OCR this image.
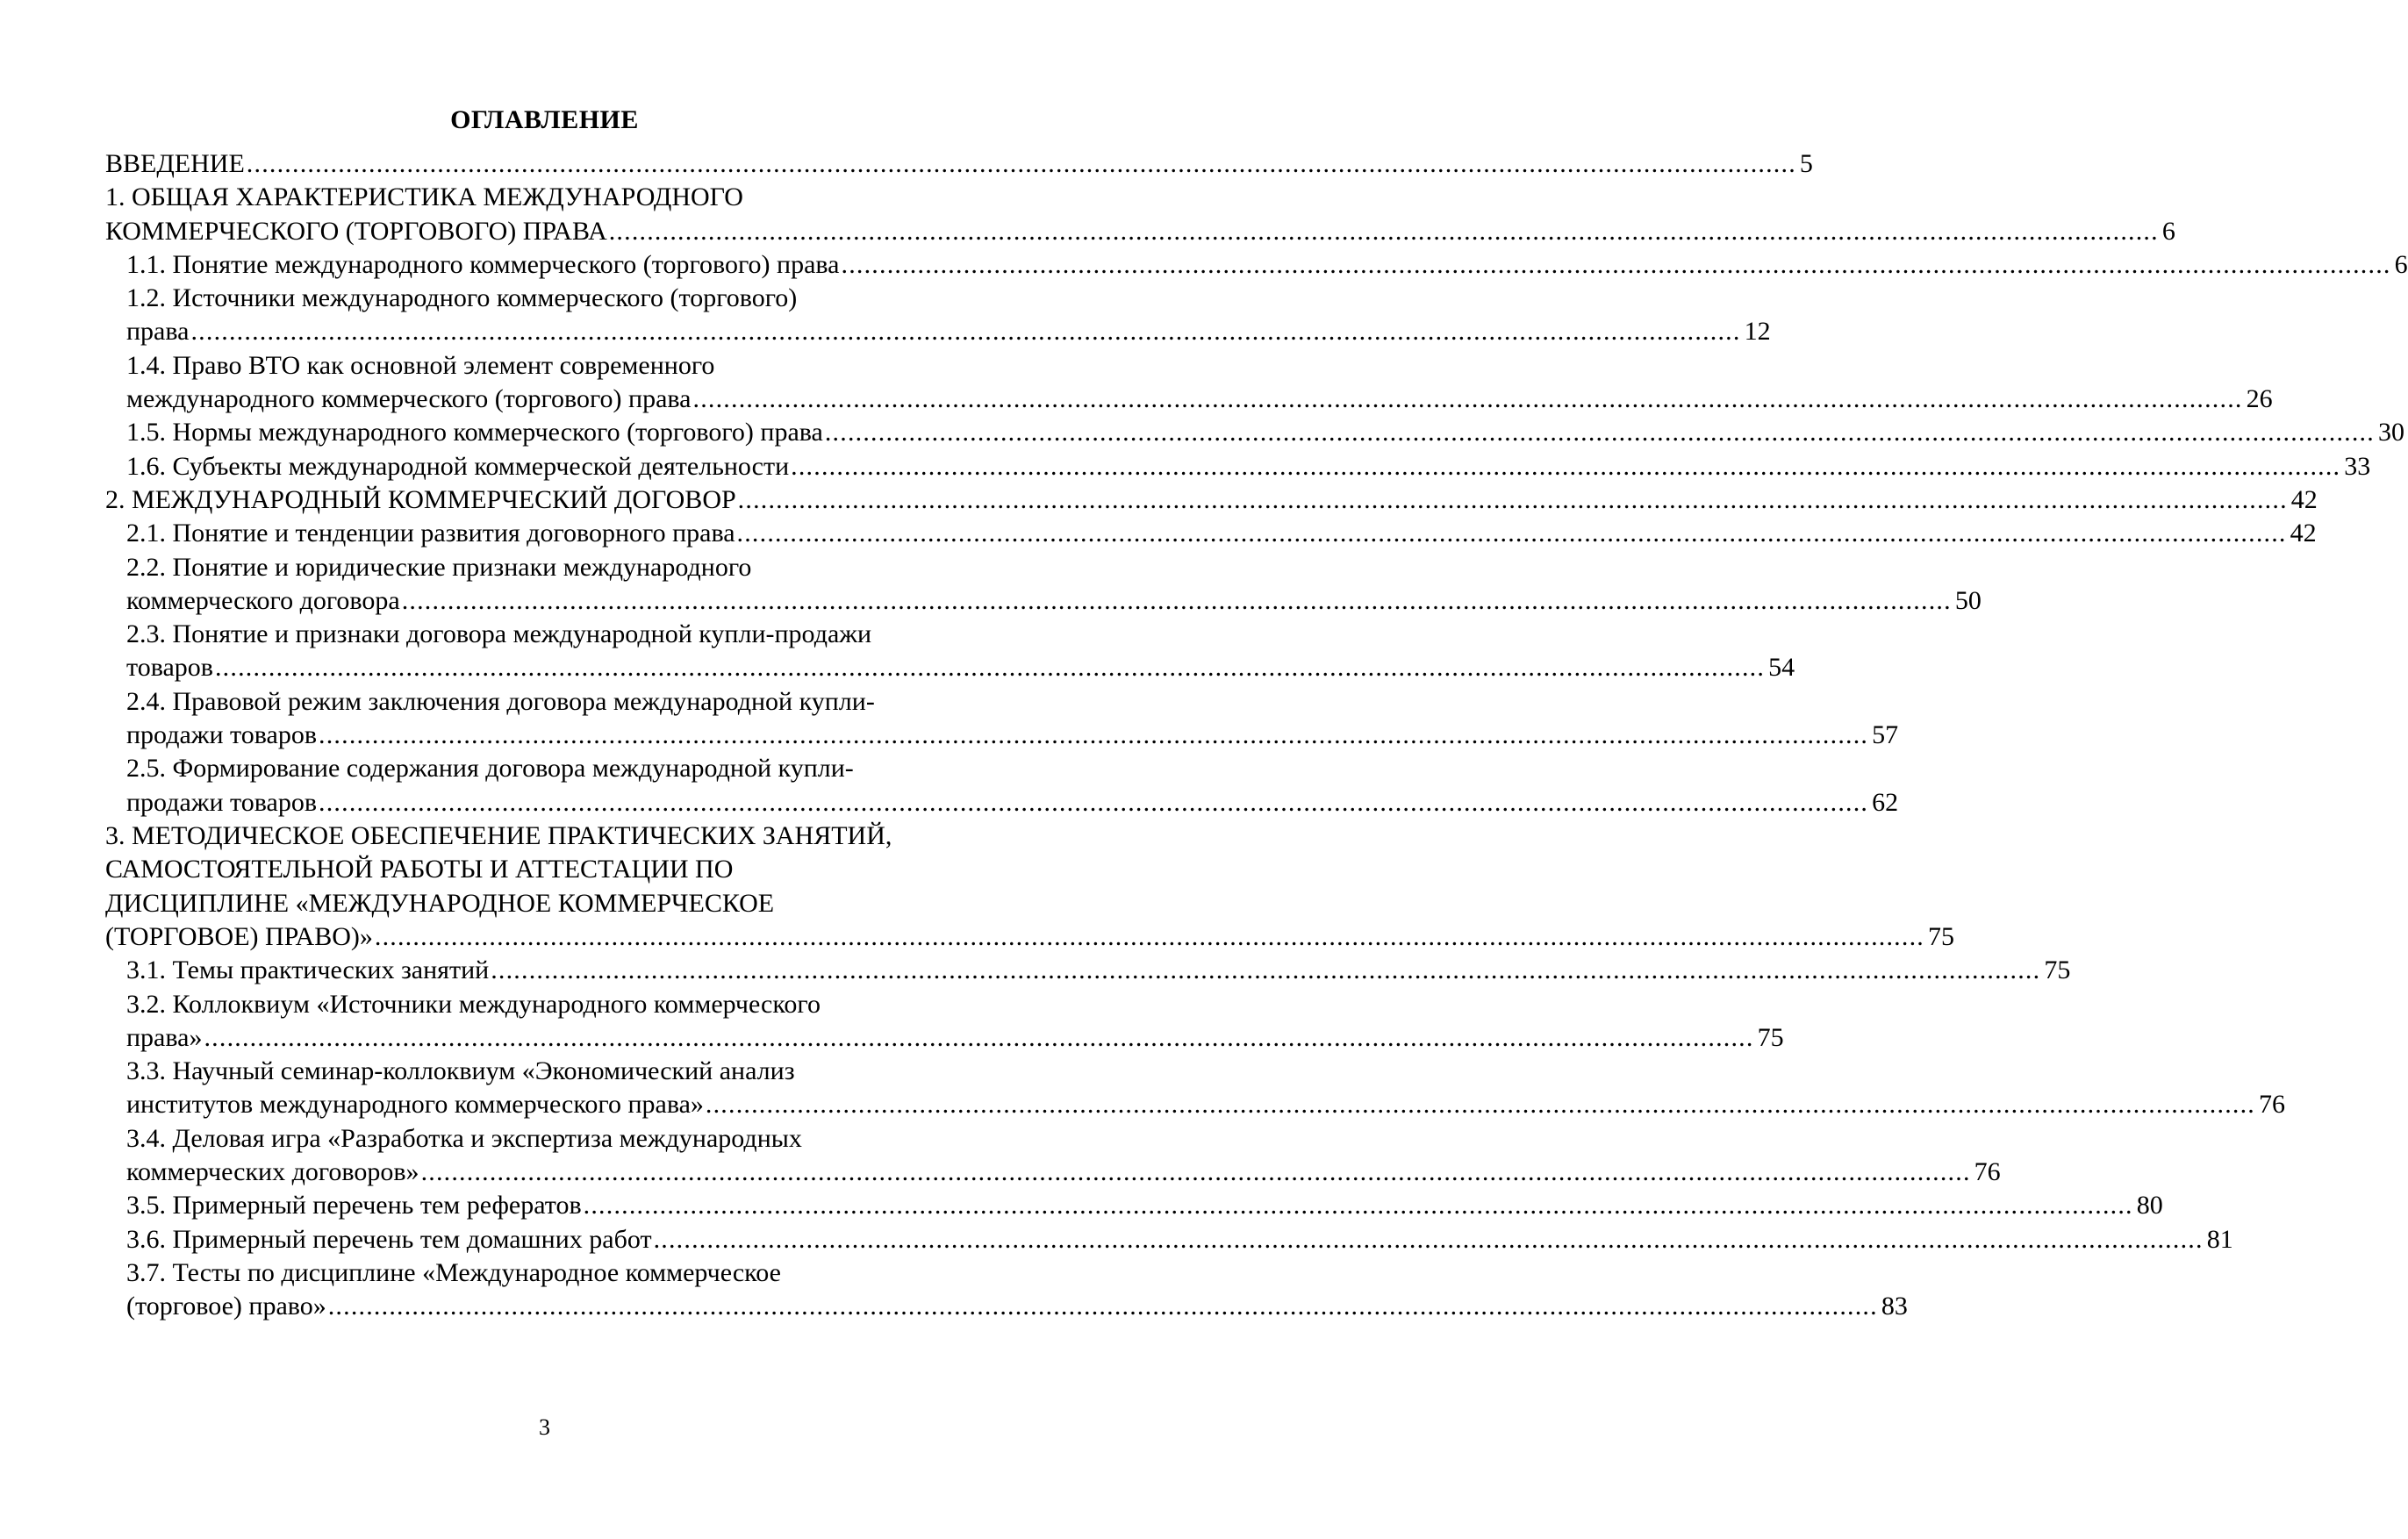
ОГЛАВЛЕНИЕ
ВВЕДЕНИЕ ........................................................................................................................................................................................................... 5
1. ОБЩАЯ ХАРАКТЕРИСТИКА МЕЖДУНАРОДНОГО
КОММЕРЧЕСКОГО (ТОРГОВОГО) ПРАВА ........................................................................................................................................................................................................... 6
1.1. Понятие международного коммерческого (торгового) права ........................................................................................................................................................................................................... 6
1.2. Источники международного коммерческого (торгового)
права ........................................................................................................................................................................................................... 12
1.4. Право ВТО как основной элемент современного
международного коммерческого (торгового) права ........................................................................................................................................................................................................... 26
1.5. Нормы международного коммерческого (торгового) права ........................................................................................................................................................................................................... 30
1.6. Субъекты международной коммерческой деятельности ........................................................................................................................................................................................................... 33
2. МЕЖДУНАРОДНЫЙ КОММЕРЧЕСКИЙ ДОГОВОР ........................................................................................................................................................................................................... 42
2.1. Понятие и тенденции развития договорного права ........................................................................................................................................................................................................... 42
2.2. Понятие и юридические признаки международного
коммерческого договора ........................................................................................................................................................................................................... 50
2.3. Понятие и признаки договора международной купли-продажи
товаров ........................................................................................................................................................................................................... 54
2.4. Правовой режим заключения договора международной купли-
продажи товаров ........................................................................................................................................................................................................... 57
2.5. Формирование содержания договора международной купли-
продажи товаров ........................................................................................................................................................................................................... 62
3. МЕТОДИЧЕСКОЕ ОБЕСПЕЧЕНИЕ ПРАКТИЧЕСКИХ ЗАНЯТИЙ,
САМОСТОЯТЕЛЬНОЙ РАБОТЫ И АТТЕСТАЦИИ ПО
ДИСЦИПЛИНЕ «МЕЖДУНАРОДНОЕ КОММЕРЧЕСКОЕ
(ТОРГОВОЕ) ПРАВО)» ........................................................................................................................................................................................................... 75
3.1. Темы практических занятий ........................................................................................................................................................................................................... 75
3.2. Коллоквиум «Источники международного коммерческого
права» ........................................................................................................................................................................................................... 75
3.3. Научный семинар-коллоквиум «Экономический анализ
институтов международного коммерческого права» ........................................................................................................................................................................................................... 76
3.4. Деловая игра «Разработка и экспертиза международных
коммерческих договоров» ........................................................................................................................................................................................................... 76
3.5. Примерный перечень тем рефератов ........................................................................................................................................................................................................... 80
3.6. Примерный перечень тем домашних работ ........................................................................................................................................................................................................... 81
3.7. Тесты по дисциплине «Международное коммерческое
(торговое) право» ........................................................................................................................................................................................................... 83
3
